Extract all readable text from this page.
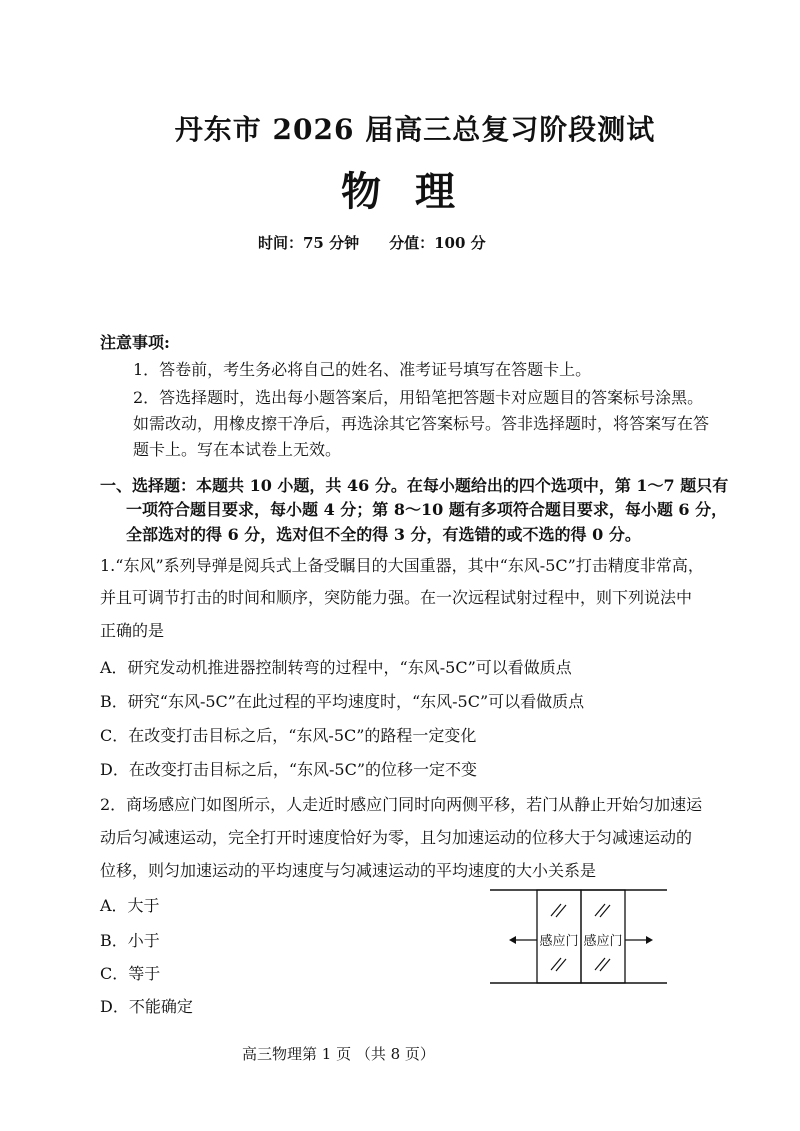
丹东市 2026 届高三总复习阶段测试
物理
时间：75 分钟 分值：100 分
注意事项:
1．答卷前，考生务必将自己的姓名、准考证号填写在答题卡上。
2．答选择题时，选出每小题答案后，用铅笔把答题卡对应题目的答案标号涂黑。
如需改动，用橡皮擦干净后，再选涂其它答案标号。答非选择题时，将答案写在答
题卡上。写在本试卷上无效。
一、选择题：本题共 10 小题，共 46 分。在每小题给出的四个选项中，第 1～7 题只有
一项符合题目要求，每小题 4 分；第 8～10 题有多项符合题目要求，每小题 6 分，
全部选对的得 6 分，选对但不全的得 3 分，有选错的或不选的得 0 分。
1.“东风”系列导弹是阅兵式上备受瞩目的大国重器，其中“东风-5C”打击精度非常高，
并且可调节打击的时间和顺序，突防能力强。在一次远程试射过程中，则下列说法中
正确的是
A．研究发动机推进器控制转弯的过程中，“东风-5C”可以看做质点
B．研究“东风-5C”在此过程的平均速度时，“东风-5C”可以看做质点
C．在改变打击目标之后，“东风-5C”的路程一定变化
D．在改变打击目标之后，“东风-5C”的位移一定不变
2．商场感应门如图所示，人走近时感应门同时向两侧平移，若门从静止开始匀加速运
动后匀减速运动，完全打开时速度恰好为零，且匀加速运动的位移大于匀减速运动的
位移，则匀加速运动的平均速度与匀减速运动的平均速度的大小关系是
A．大于
B．小于
C．等于
D．不能确定
感应门 感应门
高三物理第 1 页 （共 8 页）
